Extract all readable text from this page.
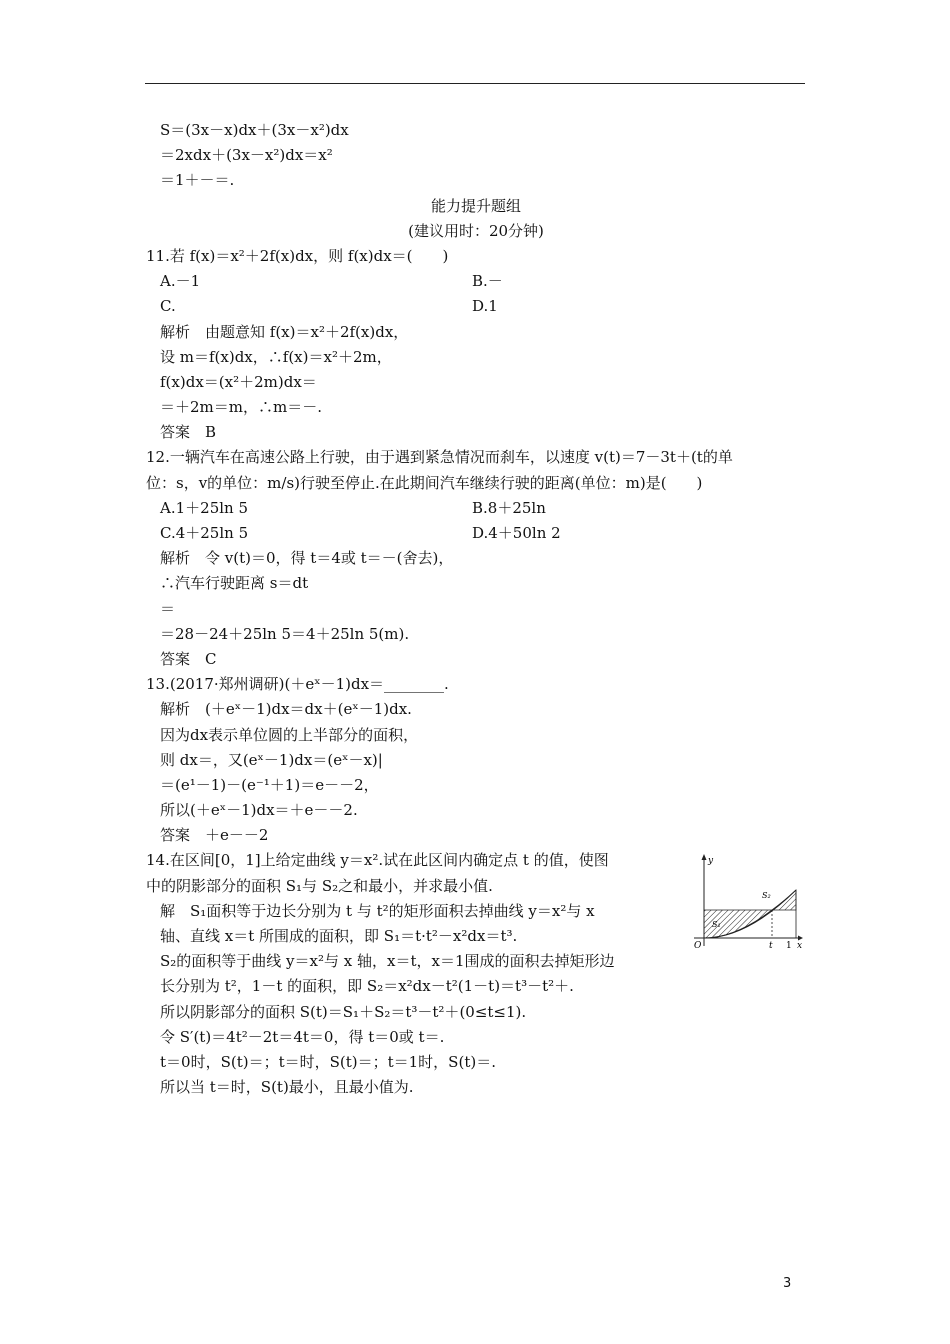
S＝(3x－x)dx＋(3x－x²)dx
＝2xdx＋(3x－x²)dx＝x²
＝1＋－＝.
能力提升题组
(建议用时：20分钟)
11.若 f(x)＝x²＋2f(x)dx，则 f(x)dx＝(　　)
A.－1	B.－
C.	D.1
解析　由题意知 f(x)＝x²＋2f(x)dx，
设 m＝f(x)dx，∴f(x)＝x²＋2m，
f(x)dx＝(x²＋2m)dx＝
＝＋2m＝m，∴m＝－.
答案　B
12.一辆汽车在高速公路上行驶，由于遇到紧急情况而刹车，以速度 v(t)＝7－3t＋(t的单
位：s，v的单位：m/s)行驶至停止.在此期间汽车继续行驶的距离(单位：m)是(　　)
A.1＋25ln 5	B.8＋25ln
C.4＋25ln 5	D.4＋50ln 2
解析　令 v(t)＝0，得 t＝4或 t＝－(舍去)，
∴汽车行驶距离 s＝dt
＝
＝28－24＋25ln 5＝4＋25ln 5(m).
答案　C
13.(2017·郑州调研)(＋eˣ－1)dx＝________.
解析　(＋eˣ－1)dx＝dx＋(eˣ－1)dx.
因为dx表示单位圆的上半部分的面积，
则 dx＝，又(eˣ－1)dx＝(eˣ－x)|
＝(e¹－1)－(e⁻¹＋1)＝e－－2，
所以(＋eˣ－1)dx＝＋e－－2.
答案　＋e－－2
14.在区间[0，1]上给定曲线 y＝x².试在此区间内确定点 t 的值，使图
中的阴影部分的面积 S₁与 S₂之和最小，并求最小值.
解　S₁面积等于边长分别为 t 与 t²的矩形面积去掉曲线 y＝x²与 x
轴、直线 x＝t 所围成的面积，即 S₁＝t·t²－x²dx＝t³.
S₂的面积等于曲线 y＝x²与 x 轴，x＝t，x＝1围成的面积去掉矩形边
长分别为 t²，1－t 的面积，即 S₂＝x²dx－t²(1－t)＝t³－t²＋.
所以阴影部分的面积 S(t)＝S₁＋S₂＝t³－t²＋(0≤t≤1).
令 S′(t)＝4t²－2t＝4t＝0，得 t＝0或 t＝.
t＝0时，S(t)＝；t＝时，S(t)＝；t＝1时，S(t)＝.
所以当 t＝时，S(t)最小，且最小值为.
y
x
O	t 1
S₁
S₂
3
